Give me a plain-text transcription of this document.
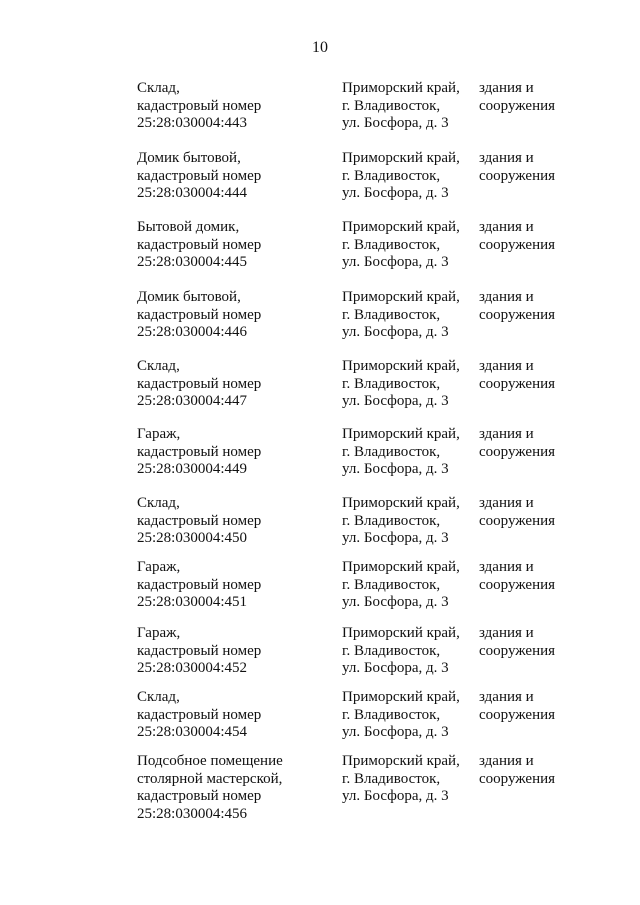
10
Склад,
кадастровый номер
25:28:030004:443
Приморский край,
г. Владивосток,
ул. Босфора, д. 3
здания и
сооружения
Домик бытовой,
кадастровый номер
25:28:030004:444
Приморский край,
г. Владивосток,
ул. Босфора, д. 3
здания и
сооружения
Бытовой домик,
кадастровый номер
25:28:030004:445
Приморский край,
г. Владивосток,
ул. Босфора, д. 3
здания и
сооружения
Домик бытовой,
кадастровый номер
25:28:030004:446
Приморский край,
г. Владивосток,
ул. Босфора, д. 3
здания и
сооружения
Склад,
кадастровый номер
25:28:030004:447
Приморский край,
г. Владивосток,
ул. Босфора, д. 3
здания и
сооружения
Гараж,
кадастровый номер
25:28:030004:449
Приморский край,
г. Владивосток,
ул. Босфора, д. 3
здания и
сооружения
Склад,
кадастровый номер
25:28:030004:450
Приморский край,
г. Владивосток,
ул. Босфора, д. 3
здания и
сооружения
Гараж,
кадастровый номер
25:28:030004:451
Приморский край,
г. Владивосток,
ул. Босфора, д. 3
здания и
сооружения
Гараж,
кадастровый номер
25:28:030004:452
Приморский край,
г. Владивосток,
ул. Босфора, д. 3
здания и
сооружения
Склад,
кадастровый номер
25:28:030004:454
Приморский край,
г. Владивосток,
ул. Босфора, д. 3
здания и
сооружения
Подсобное помещение
столярной мастерской,
кадастровый номер
25:28:030004:456
Приморский край,
г. Владивосток,
ул. Босфора, д. 3
здания и
сооружения
